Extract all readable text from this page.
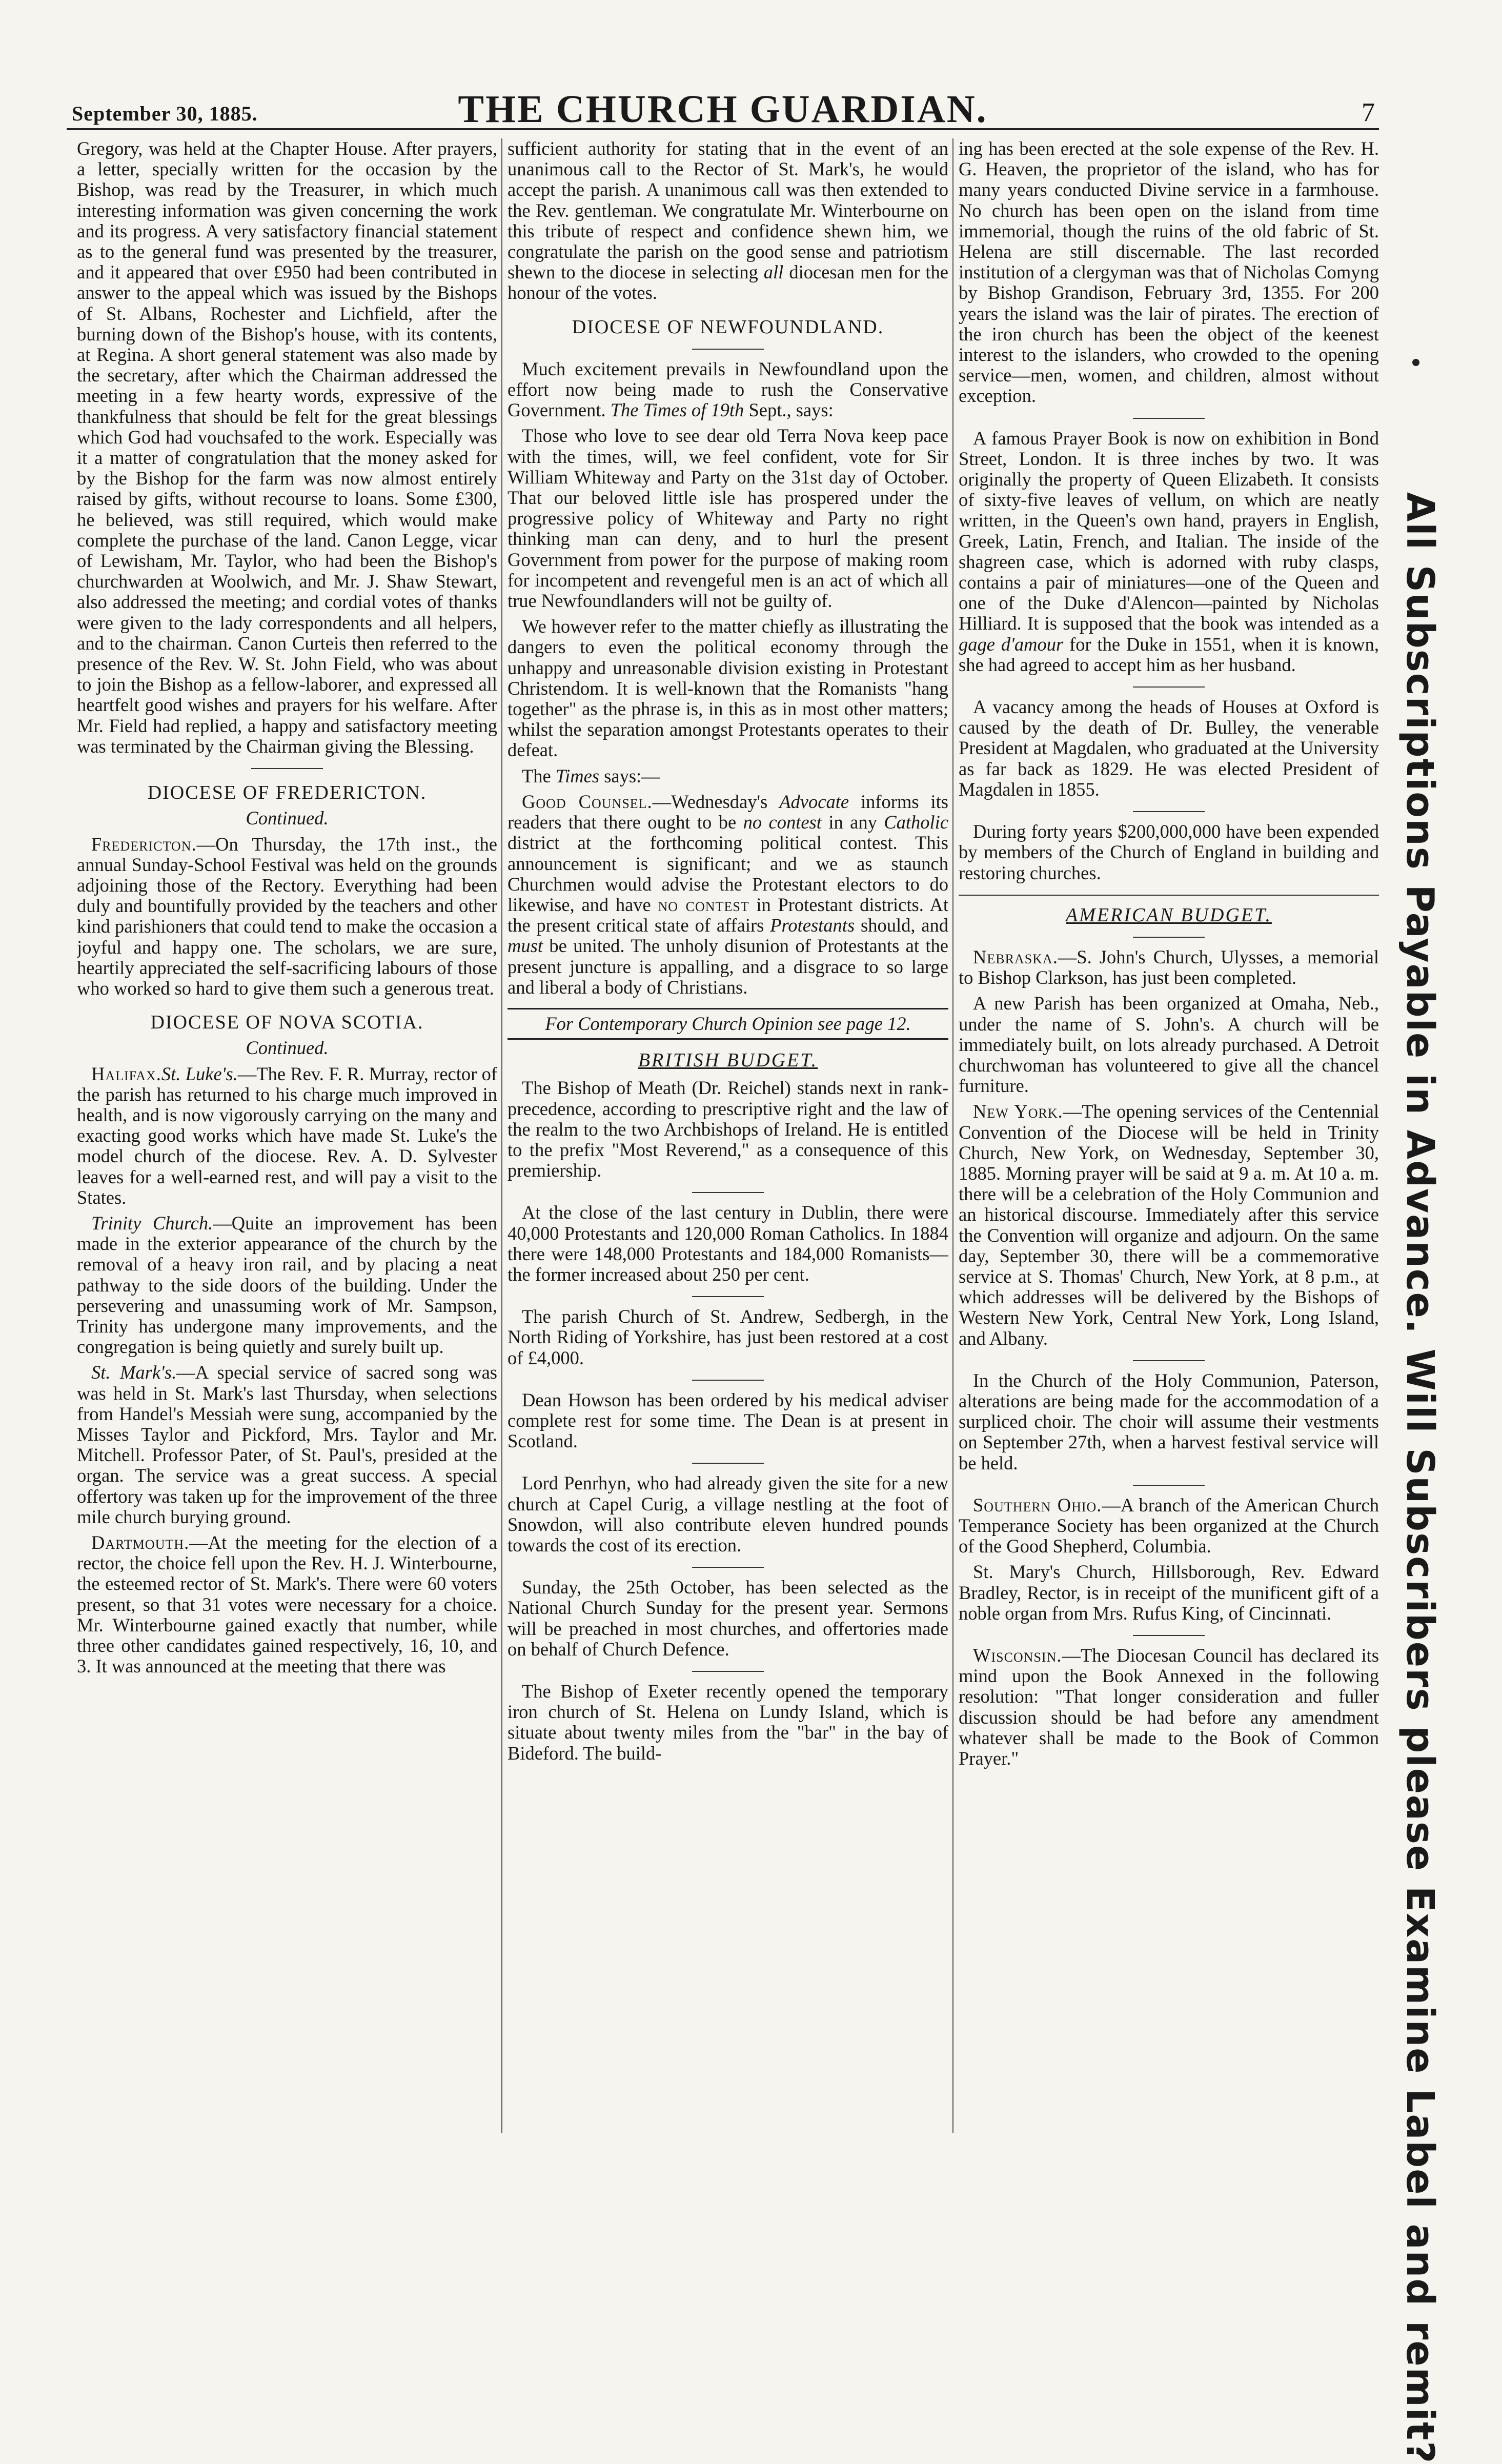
September 30, 1885.	THE CHURCH GUARDIAN.	7

Gregory, was held at the Chapter House. After prayers, a letter, specially written for the occasion by the Bishop, was read by the Treasurer, in which much interesting information was given concerning the work and its progress. A very satisfactory financial statement as to the general fund was presented by the treasurer, and it appeared that over £950 had been contributed in answer to the appeal which was issued by the Bishops of St. Albans, Rochester and Lichfield, after the burning down of the Bishop's house, with its contents, at Regina. A short general statement was also made by the secretary, after which the Chairman addressed the meeting in a few hearty words, expressive of the thankfulness that should be felt for the great blessings which God had vouchsafed to the work. Especially was it a matter of congratulation that the money asked for by the Bishop for the farm was now almost entirely raised by gifts, without recourse to loans. Some £300, he believed, was still required, which would make complete the purchase of the land. Canon Legge, vicar of Lewisham, Mr. Taylor, who had been the Bishop's churchwarden at Woolwich, and Mr. J. Shaw Stewart, also addressed the meeting; and cordial votes of thanks were given to the lady correspondents and all helpers, and to the chairman. Canon Curteis then referred to the presence of the Rev. W. St. John Field, who was about to join the Bishop as a fellow-laborer, and expressed all heartfelt good wishes and prayers for his welfare. After Mr. Field had replied, a happy and satisfactory meeting was terminated by the Chairman giving the Blessing.

DIOCESE OF FREDERICTON.
Continued.

Fredericton.—On Thursday, the 17th inst., the annual Sunday-School Festival was held on the grounds adjoining those of the Rectory. Everything had been duly and bountifully provided by the teachers and other kind parishioners that could tend to make the occasion a joyful and happy one. The scholars, we are sure, heartily appreciated the self-sacrificing labours of those who worked so hard to give them such a generous treat.

DIOCESE OF NOVA SCOTIA.
Continued.

Halifax.St. Luke's.—The Rev. F. R. Murray, rector of the parish has returned to his charge much improved in health, and is now vigorously carrying on the many and exacting good works which have made St. Luke's the model church of the diocese. Rev. A. D. Sylvester leaves for a well-earned rest, and will pay a visit to the States.

Trinity Church.—Quite an improvement has been made in the exterior appearance of the church by the removal of a heavy iron rail, and by placing a neat pathway to the side doors of the building. Under the persevering and unassuming work of Mr. Sampson, Trinity has undergone many improvements, and the congregation is being quietly and surely built up.

St. Mark's.—A special service of sacred song was was held in St. Mark's last Thursday, when selections from Handel's Messiah were sung, accompanied by the Misses Taylor and Pickford, Mrs. Taylor and Mr. Mitchell. Professor Pater, of St. Paul's, presided at the organ. The service was a great success. A special offertory was taken up for the improvement of the three mile church burying ground.

Dartmouth.—At the meeting for the election of a rector, the choice fell upon the Rev. H. J. Winterbourne, the esteemed rector of St. Mark's. There were 60 voters present, so that 31 votes were necessary for a choice. Mr. Winterbourne gained exactly that number, while three other candidates gained respectively, 16, 10, and 3. It was announced at the meeting that there was

sufficient authority for stating that in the event of an unanimous call to the Rector of St. Mark's, he would accept the parish. A unanimous call was then extended to the Rev. gentleman. We congratulate Mr. Winterbourne on this tribute of respect and confidence shewn him, we congratulate the parish on the good sense and patriotism shewn to the diocese in selecting all diocesan men for the honour of the votes.

DIOCESE OF NEWFOUNDLAND.

Much excitement prevails in Newfoundland upon the effort now being made to rush the Conservative Government. The Times of 19th Sept., says:

Those who love to see dear old Terra Nova keep pace with the times, will, we feel confident, vote for Sir William Whiteway and Party on the 31st day of October. That our beloved little isle has prospered under the progressive policy of Whiteway and Party no right thinking man can deny, and to hurl the present Government from power for the purpose of making room for incompetent and revengeful men is an act of which all true Newfoundlanders will not be guilty of.

We however refer to the matter chiefly as illustrating the dangers to even the political economy through the unhappy and unreasonable division existing in Protestant Christendom. It is well-known that the Romanists "hang together" as the phrase is, in this as in most other matters; whilst the separation amongst Protestants operates to their defeat.

The Times says:—

Good Counsel.—Wednesday's Advocate informs its readers that there ought to be no contest in any Catholic district at the forthcoming political contest. This announcement is significant; and we as staunch Churchmen would advise the Protestant electors to do likewise, and have no contest in Protestant districts. At the present critical state of affairs Protestants should, and must be united. The unholy disunion of Protestants at the present juncture is appalling, and a disgrace to so large and liberal a body of Christians.

For Contemporary Church Opinion see page 12.
BRITISH BUDGET.

The Bishop of Meath (Dr. Reichel) stands next in rank-precedence, according to prescriptive right and the law of the realm to the two Archbishops of Ireland. He is entitled to the prefix "Most Reverend," as a consequence of this premiership.

At the close of the last century in Dublin, there were 40,000 Protestants and 120,000 Roman Catholics. In 1884 there were 148,000 Protestants and 184,000 Romanists—the former increased about 250 per cent.

The parish Church of St. Andrew, Sedbergh, in the North Riding of Yorkshire, has just been restored at a cost of £4,000.

Dean Howson has been ordered by his medical adviser complete rest for some time. The Dean is at present in Scotland.

Lord Penrhyn, who had already given the site for a new church at Capel Curig, a village nestling at the foot of Snowdon, will also contribute eleven hundred pounds towards the cost of its erection.

Sunday, the 25th October, has been selected as the National Church Sunday for the present year. Sermons will be preached in most churches, and offertories made on behalf of Church Defence.

The Bishop of Exeter recently opened the temporary iron church of St. Helena on Lundy Island, which is situate about twenty miles from the "bar" in the bay of Bideford. The build-

ing has been erected at the sole expense of the Rev. H. G. Heaven, the proprietor of the island, who has for many years conducted Divine service in a farmhouse. No church has been open on the island from time immemorial, though the ruins of the old fabric of St. Helena are still discernable. The last recorded institution of a clergyman was that of Nicholas Comyng by Bishop Grandison, February 3rd, 1355. For 200 years the island was the lair of pirates. The erection of the iron church has been the object of the keenest interest to the islanders, who crowded to the opening service—men, women, and children, almost without exception.

A famous Prayer Book is now on exhibition in Bond Street, London. It is three inches by two. It was originally the property of Queen Elizabeth. It consists of sixty-five leaves of vellum, on which are neatly written, in the Queen's own hand, prayers in English, Greek, Latin, French, and Italian. The inside of the shagreen case, which is adorned with ruby clasps, contains a pair of miniatures—one of the Queen and one of the Duke d'Alencon—painted by Nicholas Hilliard. It is supposed that the book was intended as a gage d'amour for the Duke in 1551, when it is known, she had agreed to accept him as her husband.

A vacancy among the heads of Houses at Oxford is caused by the death of Dr. Bulley, the venerable President at Magdalen, who graduated at the University as far back as 1829. He was elected President of Magdalen in 1855.

During forty years $200,000,000 have been expended by members of the Church of England in building and restoring churches.

AMERICAN BUDGET.

Nebraska.—S. John's Church, Ulysses, a memorial to Bishop Clarkson, has just been completed.

A new Parish has been organized at Omaha, Neb., under the name of S. John's. A church will be immediately built, on lots already purchased. A Detroit churchwoman has volunteered to give all the chancel furniture.

New York.—The opening services of the Centennial Convention of the Diocese will be held in Trinity Church, New York, on Wednesday, September 30, 1885. Morning prayer will be said at 9 a. m. At 10 a. m. there will be a celebration of the Holy Communion and an historical discourse. Immediately after this service the Convention will organize and adjourn. On the same day, September 30, there will be a commemorative service at S. Thomas' Church, New York, at 8 p.m., at which addresses will be delivered by the Bishops of Western New York, Central New York, Long Island, and Albany.

In the Church of the Holy Communion, Paterson, alterations are being made for the accommodation of a surpliced choir. The choir will assume their vestments on September 27th, when a harvest festival service will be held.

Southern Ohio.—A branch of the American Church Temperance Society has been organized at the Church of the Good Shepherd, Columbia.

St. Mary's Church, Hillsborough, Rev. Edward Bradley, Rector, is in receipt of the munificent gift of a noble organ from Mrs. Rufus King, of Cincinnati.

Wisconsin.—The Diocesan Council has declared its mind upon the Book Annexed in the following resolution: "That longer consideration and fuller discussion should be had before any amendment whatever shall be made to the Book of Common Prayer."	All Subscriptions Payable in Advance. Will Subscribers please Examine Label and remit?
